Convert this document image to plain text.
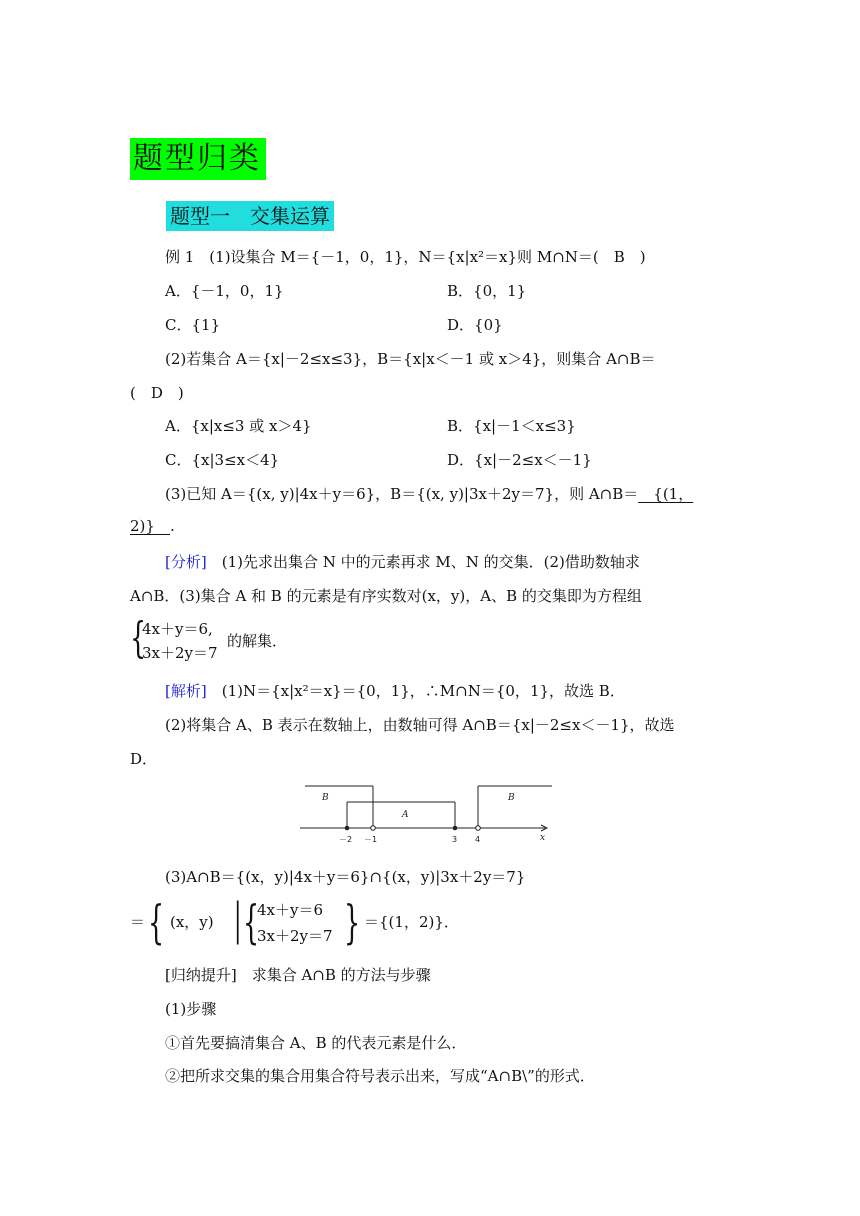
题型归类
题型一　交集运算
例 1　(1)设集合 M＝{－1，0，1}，N＝{x|x²＝x}则 M∩N＝(　B　)
A．{－1，0，1}	B．{0，1}
C．{1}	D．{0}
(2)若集合 A＝{x|－2≤x≤3}，B＝{x|x＜－1 或 x＞4}，则集合 A∩B＝
(　D　)
A．{x|x≤3 或 x＞4}	B．{x|－1＜x≤3}
C．{x|3≤x＜4}	D．{x|－2≤x＜－1}
(3)已知 A＝{(x, y)|4x＋y＝6}，B＝{(x, y)|3x＋2y＝7}，则 A∩B＝__{(1，
2)}__.
[分析]　(1)先求出集合 N 中的元素再求 M、N 的交集．(2)借助数轴求
A∩B．(3)集合 A 和 B 的元素是有序实数对(x，y)，A、B 的交集即为方程组
{
4x＋y＝6,
3x＋2y＝7
的解集．
[解析]　(1)N＝{x|x²＝x}＝{0，1}，∴M∩N＝{0，1}，故选 B．
(2)将集合 A、B 表示在数轴上，由数轴可得 A∩B＝{x|－2≤x＜－1}，故选
D．
B
A
B
x
－2 －1	3 4
(3)A∩B＝{(x，y)|4x＋y＝6}∩{(x，y)|3x＋2y＝7}
＝ { (x，y) | {
4x＋y＝6
3x＋2y＝7 } ＝{(1，2)}．
[归纳提升]　求集合 A∩B 的方法与步骤
(1)步骤
①首先要搞清集合 A、B 的代表元素是什么．
②把所求交集的集合用集合符号表示出来，写成“A∩B\”的形式．
